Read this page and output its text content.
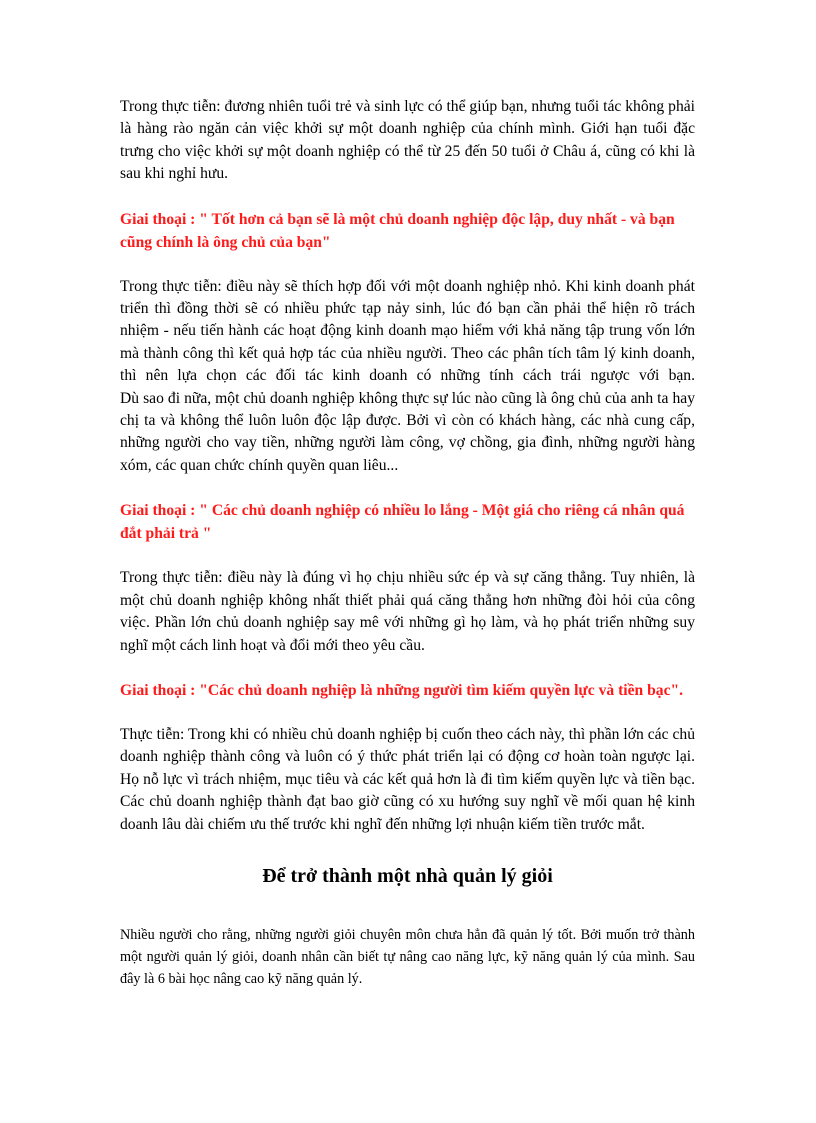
Trong thực tiễn: đương nhiên tuổi trẻ và sinh lực có thể giúp bạn, nhưng tuổi tác không phải là hàng rào ngăn cản việc khởi sự một doanh nghiệp của chính mình. Giới hạn tuổi đặc trưng cho việc khởi sự một doanh nghiệp có thể từ 25 đến 50 tuổi ở Châu á, cũng có khi là sau khi nghỉ hưu.

Giai thoại : " Tốt hơn cả bạn sẽ là một chủ doanh nghiệp độc lập, duy nhất - và bạn cũng chính là ông chủ của bạn"

Trong thực tiễn: điều này sẽ thích hợp đối với một doanh nghiệp nhỏ. Khi kinh doanh phát triển thì đồng thời sẽ có nhiều phức tạp nảy sinh, lúc đó bạn cần phải thể hiện rõ trách nhiệm - nếu tiến hành các hoạt động kinh doanh mạo hiểm với khả năng tập trung vốn lớn mà thành công thì kết quả hợp tác của nhiều người. Theo các phân tích tâm lý kinh doanh, thì nên lựa chọn các đối tác kinh doanh có những tính cách trái ngược với bạn.

Dù sao đi nữa, một chủ doanh nghiệp không thực sự lúc nào cũng là ông chủ của anh ta hay chị ta và không thể luôn luôn độc lập được. Bởi vì còn có khách hàng, các nhà cung cấp, những người cho vay tiền, những người làm công, vợ chồng, gia đình, những người hàng xóm, các quan chức chính quyền quan liêu...

Giai thoại : " Các chủ doanh nghiệp có nhiều lo lắng - Một giá cho riêng cá nhân quá đắt phải trả "

Trong thực tiễn: điều này là đúng vì họ chịu nhiều sức ép và sự căng thẳng. Tuy nhiên, là một chủ doanh nghiệp không nhất thiết phải quá căng thẳng hơn những đòi hỏi của công việc. Phần lớn chủ doanh nghiệp say mê với những gì họ làm, và họ phát triển những suy nghĩ một cách linh hoạt và đổi mới theo yêu cầu.

Giai thoại : "Các chủ doanh nghiệp là những người tìm kiếm quyền lực và tiền bạc".

Thực tiễn: Trong khi có nhiều chủ doanh nghiệp bị cuốn theo cách này, thì phần lớn các chủ doanh nghiệp thành công và luôn có ý thức phát triển lại có động cơ hoàn toàn ngược lại. Họ nỗ lực vì trách nhiệm, mục tiêu và các kết quả hơn là đi tìm kiếm quyền lực và tiền bạc. Các chủ doanh nghiệp thành đạt bao giờ cũng có xu hướng suy nghĩ về mối quan hệ kinh doanh lâu dài chiếm ưu thế trước khi nghĩ đến những lợi nhuận kiếm tiền trước mắt.

Để trở thành một nhà quản lý giỏi

Nhiều người cho rằng, những người giỏi chuyên môn chưa hẳn đã quản lý tốt. Bởi muốn trở thành một người quản lý giỏi, doanh nhân cần biết tự nâng cao năng lực, kỹ năng quản lý của mình. Sau đây là 6 bài học nâng cao kỹ năng quản lý.
